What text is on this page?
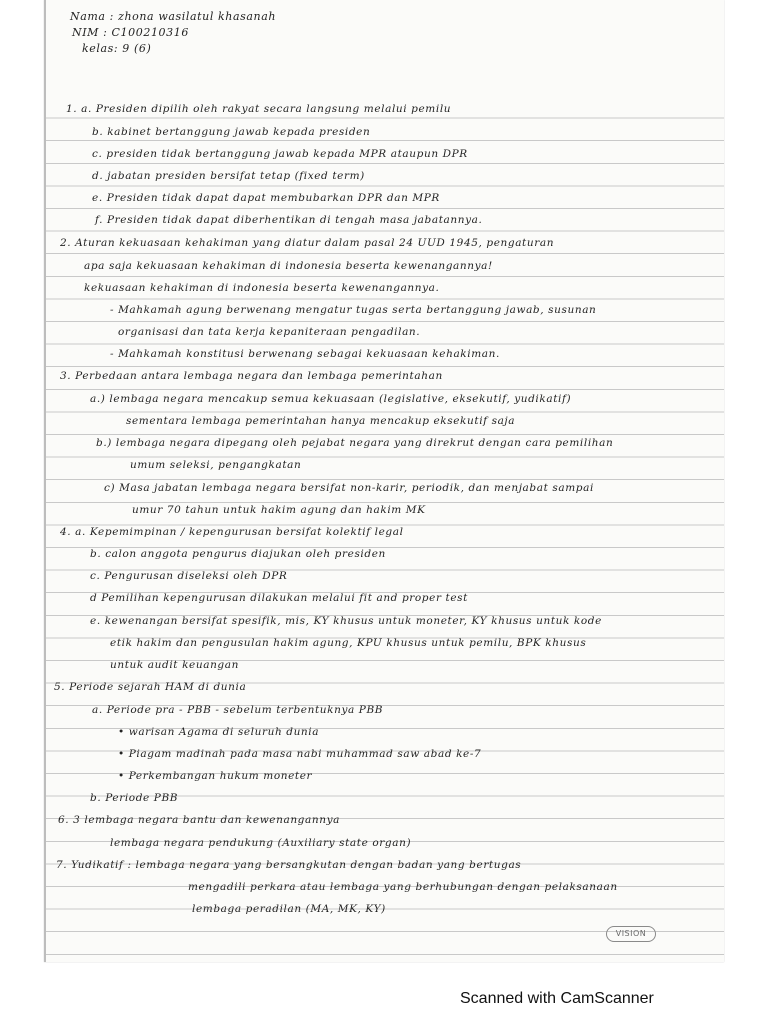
VISION
Nama : zhona wasilatul khasanah
NIM : C100210316
kelas: 9 (6)
1. a. Presiden dipilih oleh rakyat secara langsung melalui pemilu
b. kabinet bertanggung jawab kepada presiden
c. presiden tidak bertanggung jawab kepada MPR ataupun DPR
d. jabatan presiden bersifat tetap (fixed term)
e. Presiden tidak dapat dapat membubarkan DPR dan MPR
f. Presiden tidak dapat diberhentikan di tengah masa jabatannya.
2. Aturan kekuasaan kehakiman yang diatur dalam pasal 24 UUD 1945, pengaturan
apa saja kekuasaan kehakiman di indonesia beserta kewenangannya!
kekuasaan kehakiman di indonesia beserta kewenangannya.
- Mahkamah agung berwenang mengatur tugas serta bertanggung jawab, susunan
organisasi dan tata kerja kepaniteraan pengadilan.
- Mahkamah konstitusi berwenang sebagai kekuasaan kehakiman.
3. Perbedaan antara lembaga negara dan lembaga pemerintahan
a.) lembaga negara mencakup semua kekuasaan (legislative, eksekutif, yudikatif)
sementara lembaga pemerintahan hanya mencakup eksekutif saja
b.) lembaga negara dipegang oleh pejabat negara yang direkrut dengan cara pemilihan
umum seleksi, pengangkatan
c) Masa jabatan lembaga negara bersifat non-karir, periodik, dan menjabat sampai
umur 70 tahun untuk hakim agung dan hakim MK
4. a. Kepemimpinan / kepengurusan bersifat kolektif legal
b. calon anggota pengurus diajukan oleh presiden
c. Pengurusan diseleksi oleh DPR
d Pemilihan kepengurusan dilakukan melalui fit and proper test
e. kewenangan bersifat spesifik, mis, KY khusus untuk moneter, KY khusus untuk kode
etik hakim dan pengusulan hakim agung, KPU khusus untuk pemilu, BPK khusus
untuk audit keuangan
5. Periode sejarah HAM di dunia
a. Periode pra - PBB - sebelum terbentuknya PBB
• warisan Agama di seluruh dunia
• Piagam madinah pada masa nabi muhammad saw abad ke-7
• Perkembangan hukum moneter
b. Periode PBB
6. 3 lembaga negara bantu dan kewenangannya
lembaga negara pendukung (Auxiliary state organ)
7. Yudikatif : lembaga negara yang bersangkutan dengan badan yang bertugas
mengadili perkara atau lembaga yang berhubungan dengan pelaksanaan
lembaga peradilan (MA, MK, KY)
Scanned with CamScanner
